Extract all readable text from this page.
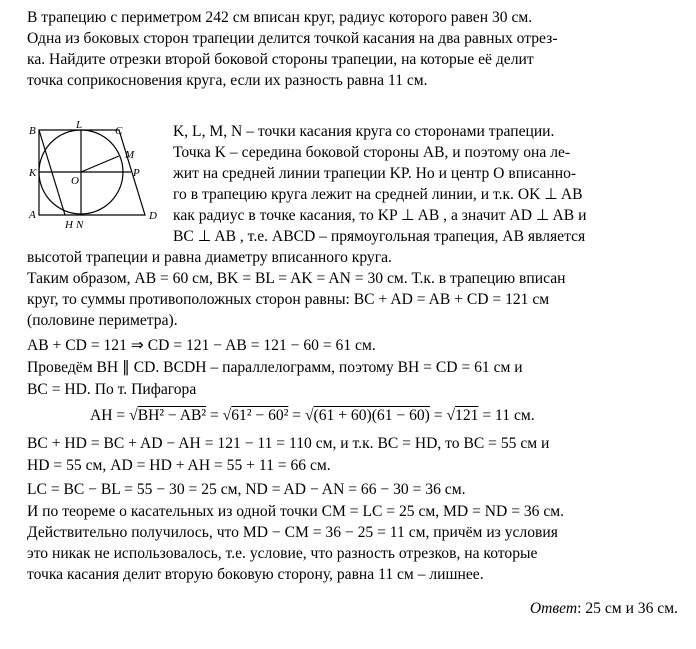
В трапецию с периметром 242 см вписан круг, радиус которого равен 30 см.
Одна из боковых сторон трапеции делится точкой касания на два равных отрез-
ка. Найдите отрезки второй боковой стороны трапеции, на которые её делит
точка соприкосновения круга, если их разность равна 11 см.
B	L	C
M
K
O
P
A
H N
D
K, L, M, N – точки касания круга со сторонами трапеции.
Точка K – середина боковой стороны AB, и поэтому она ле-
жит на средней линии трапеции KP. Но и центр O вписанно-
го в трапецию круга лежит на средней линии, и т.к. OK ⊥ AB
как радиус в точке касания, то KP ⊥ AB , а значит AD ⊥ AB и
BC ⊥ AB , т.е. ABCD – прямоугольная трапеция, AB является
высотой трапеции и равна диаметру вписанного круга.
Таким образом, AB = 60 см, BK = BL = AK = AN = 30 см. Т.к. в трапецию вписан
круг, то суммы противоположных сторон равны: BC + AD = AB + CD = 121 см
(половине периметра).
AB + CD = 121 ⇒ CD = 121 − AB = 121 − 60 = 61 см.
Проведём BH ∥ CD. BCDH – параллелограмм, поэтому BH = CD = 61 см и
BC = HD. По т. Пифагора
AH = √BH² − AB² = √61² − 60² = √(61 + 60)(61 − 60) = √121 = 11 см.
BC + HD = BC + AD − AH = 121 − 11 = 110 см, и т.к. BC = HD, то BC = 55 см и
HD = 55 см, AD = HD + AH = 55 + 11 = 66 см.
LC = BC − BL = 55 − 30 = 25 см, ND = AD − AN = 66 − 30 = 36 см.
И по теореме о касательных из одной точки CM = LC = 25 см, MD = ND = 36 см.
Действительно получилось, что MD − CM = 36 − 25 = 11 см, причём из условия
это никак не использовалось, т.е. условие, что разность отрезков, на которые
точка касания делит вторую боковую сторону, равна 11 см – лишнее.
Ответ: 25 см и 36 см.
